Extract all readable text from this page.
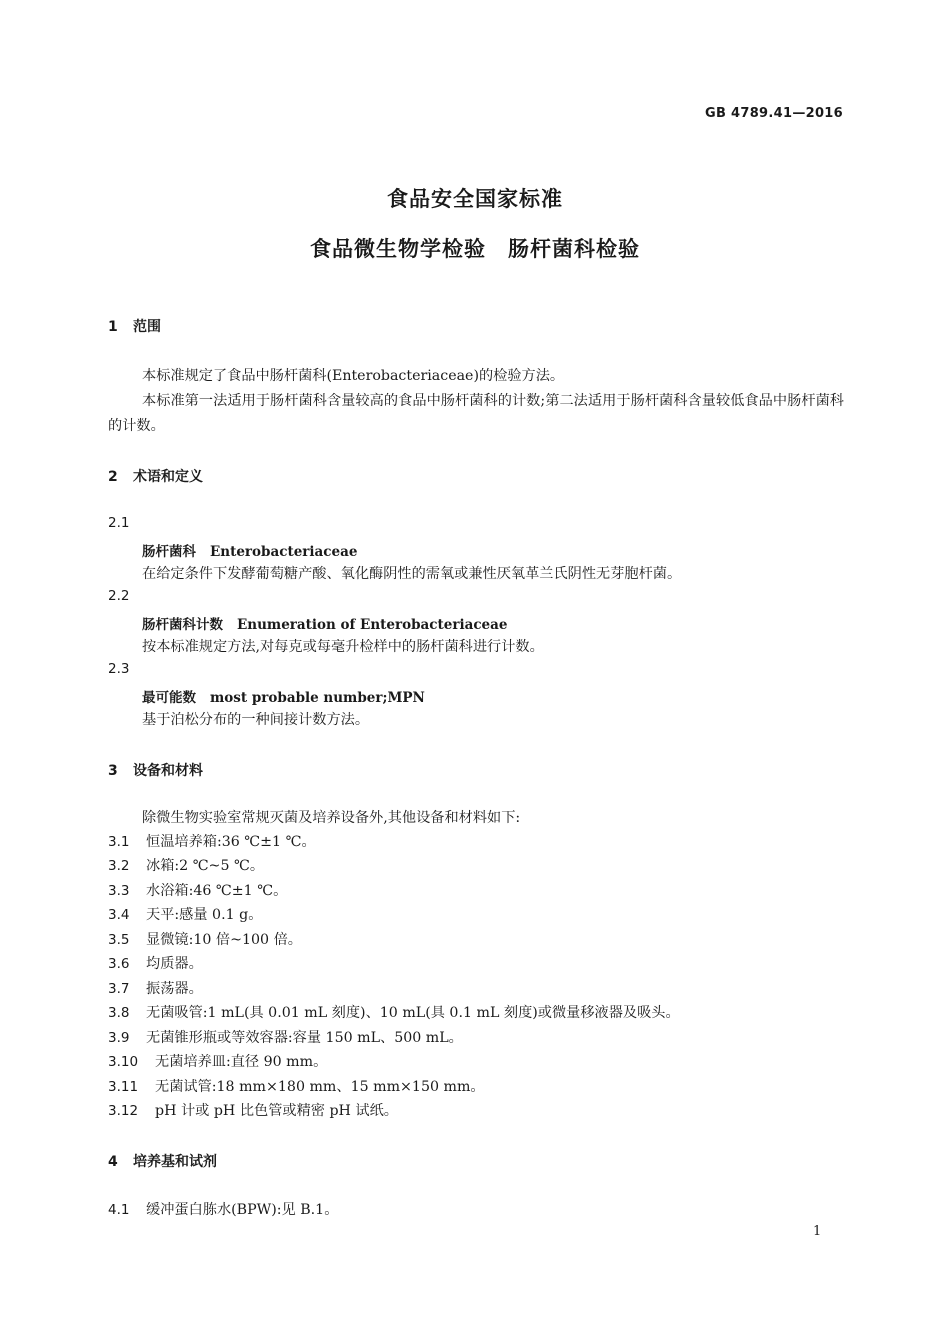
GB 4789.41—2016
食品安全国家标准
食品微生物学检验　肠杆菌科检验
1 范围
本标准规定了食品中肠杆菌科(Enterobacteriaceae)的检验方法。
本标准第一法适用于肠杆菌科含量较高的食品中肠杆菌科的计数;第二法适用于肠杆菌科含量较低食品中肠杆菌科的计数。
2 术语和定义
2.1
肠杆菌科 Enterobacteriaceae
在给定条件下发酵葡萄糖产酸、氧化酶阴性的需氧或兼性厌氧革兰氏阴性无芽胞杆菌。
2.2
肠杆菌科计数 Enumeration of Enterobacteriaceae
按本标准规定方法,对每克或每毫升检样中的肠杆菌科进行计数。
2.3
最可能数 most probable number;MPN
基于泊松分布的一种间接计数方法。
3 设备和材料
除微生物实验室常规灭菌及培养设备外,其他设备和材料如下:
3.1 恒温培养箱:36 ℃±1 ℃。
3.2 冰箱:2 ℃~5 ℃。
3.3 水浴箱:46 ℃±1 ℃。
3.4 天平:感量 0.1 g。
3.5 显微镜:10 倍~100 倍。
3.6 均质器。
3.7 振荡器。
3.8 无菌吸管:1 mL(具 0.01 mL 刻度)、10 mL(具 0.1 mL 刻度)或微量移液器及吸头。
3.9 无菌锥形瓶或等效容器:容量 150 mL、500 mL。
3.10 无菌培养皿:直径 90 mm。
3.11 无菌试管:18 mm×180 mm、15 mm×150 mm。
3.12 pH 计或 pH 比色管或精密 pH 试纸。
4 培养基和试剂
4.1 缓冲蛋白胨水(BPW):见 B.1。
1
